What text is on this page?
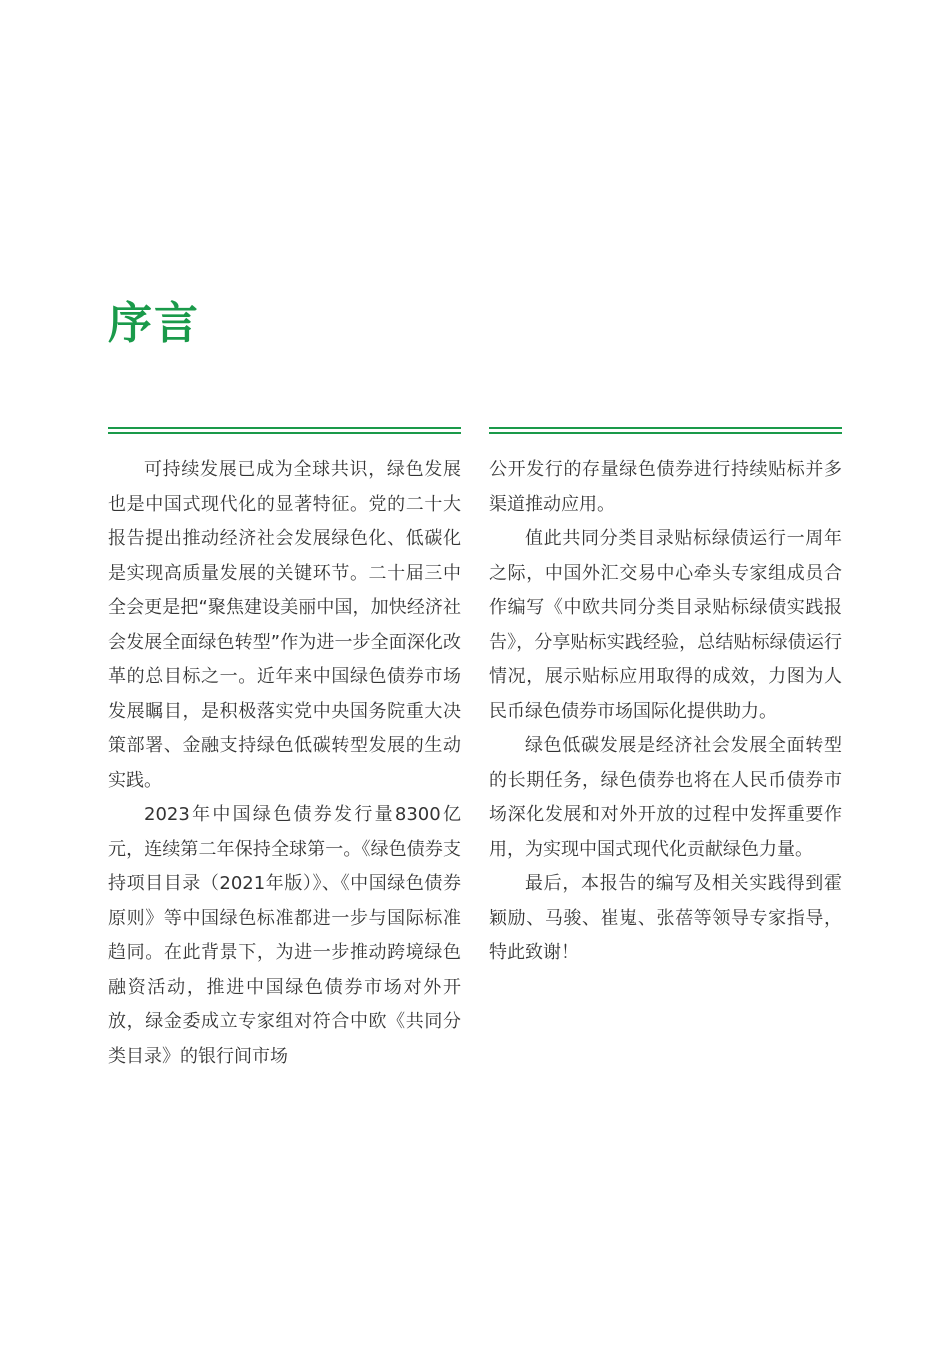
序言

可持续发展已成为全球共识，绿色发展也是中国式现代化的显著特征。党的二十大报告提出推动经济社会发展绿色化、低碳化是实现高质量发展的关键环节。二十届三中全会更是把“聚焦建设美丽中国，加快经济社会发展全面绿色转型”作为进一步全面深化改革的总目标之一。近年来中国绿色债券市场发展瞩目，是积极落实党中央国务院重大决策部署、金融支持绿色低碳转型发展的生动实践。

2023年中国绿色债券发行量8300亿元，连续第二年保持全球第一。《绿色债券支持项目目录（2021年版）》、《中国绿色债券原则》等中国绿色标准都进一步与国际标准趋同。在此背景下，为进一步推动跨境绿色融资活动，推进中国绿色债券市场对外开放，绿金委成立专家组对符合中欧《共同分类目录》的银行间市场

公开发行的存量绿色债券进行持续贴标并多渠道推动应用。

值此共同分类目录贴标绿债运行一周年之际，中国外汇交易中心牵头专家组成员合作编写《中欧共同分类目录贴标绿债实践报告》，分享贴标实践经验，总结贴标绿债运行情况，展示贴标应用取得的成效，力图为人民币绿色债券市场国际化提供助力。

绿色低碳发展是经济社会发展全面转型的长期任务，绿色债券也将在人民币债券市场深化发展和对外开放的过程中发挥重要作用，为实现中国式现代化贡献绿色力量。

最后，本报告的编写及相关实践得到霍颖励、马骏、崔嵬、张蓓等领导专家指导，特此致谢！
